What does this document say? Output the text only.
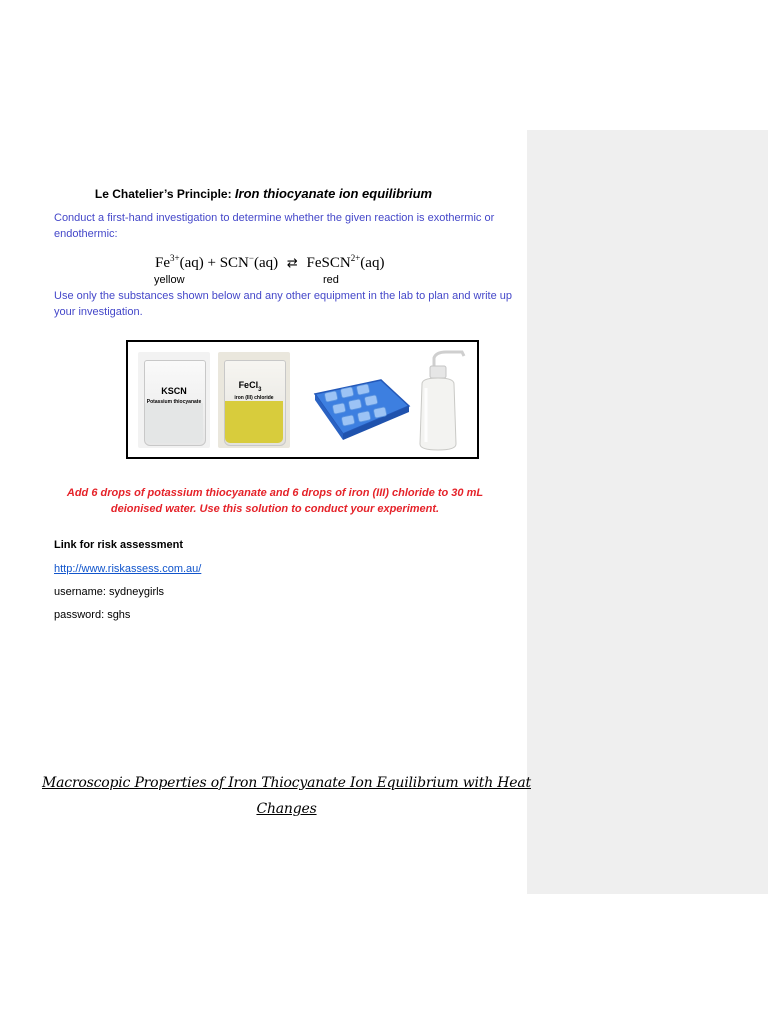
Le Chatelier’s Principle: Iron thiocyanate ion equilibrium
Conduct a first-hand investigation to determine whether the given reaction is exothermic or endothermic:
$Fe^{3+}(aq) + SCN^-(aq)$ ⇄ FeSCN$^{2+}$(aq)
yellow	red
Use only the substances shown below and any other equipment in the lab to plan and write up your investigation.
KSCN
Potassium thiocyanate
FeCl$_3$
iron (III) chloride
Add 6 drops of potassium thiocyanate and 6 drops of iron (III) chloride to 30 mL deionised water. Use this solution to conduct your experiment.
Link for risk assessment
http://www.riskassess.com.au/
username: sydneygirls
password: sghs
Macroscopic Properties of Iron Thiocyanate Ion Equilibrium with Heat Changes
